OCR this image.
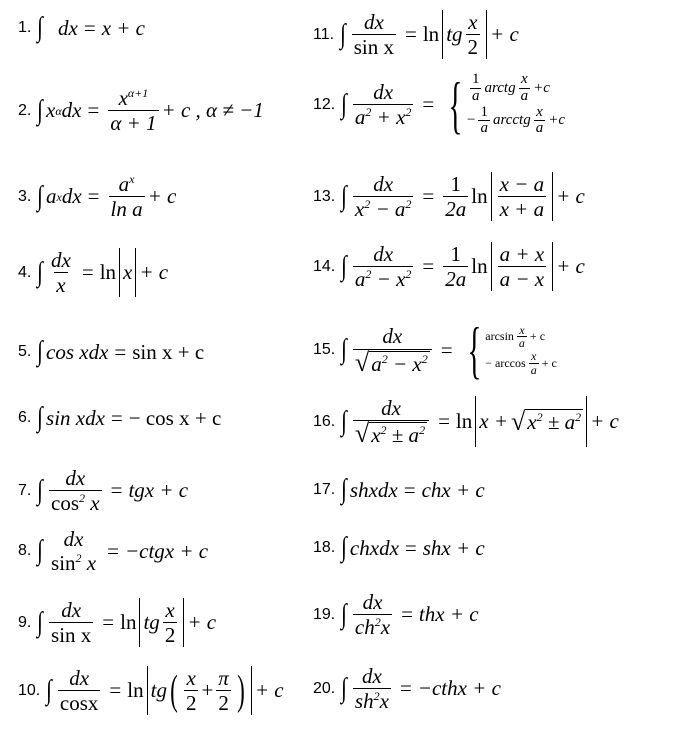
1. ∫ dx = x + c
2. ∫ x α dx = $\frac{x^{\alpha+1}}{\alpha + 1} + c$ , α ≠ −1
3. ∫ a x dx = $\frac{a^x}{\text{ln a}} + c$
4. ∫ $\frac{dx}{x} = \ln x + c$
5. ∫ cos xdx = sin x + c
6. ∫ sin xdx = − cos x + c
7. ∫ $\frac{dx}{\cos^2 x}$ = tgx + c
8. ∫ dx
$\sin^2 x$
= −ctgx + c
9. ∫ $\frac{dx}{\text{sin x}} = \ln$ tg $\frac{x}{2} + c$
10. ∫ $\frac{dx}{\cos x} = \ln$ tg ( $\frac{x}{2} + \frac{\pi}{2}$ ) + c
11. ∫ $\frac{dx}{\text{sin x}} = \ln$ tg $\frac{x}{2} + c$
12. ∫ $\frac{dx}{a^2 + x^2}$ = { $\frac{1}{a}$ arctg $\frac{x}{a} +c$
− $\frac{1}{a}$ arcctg $\frac{x}{a} +c$
13. ∫ $\frac{dx}{x^2 - a^2} = \frac{1}{2a}$ $\ln \frac{x - a}{x + a} + c$
14. ∫ $\frac{dx}{a^2 - x^2} = \frac{1}{2a}$ $\ln \frac{a + x}{a - x} + c$
15. ∫ $\frac{dx}{√a^2 - x^2}$ = { $\arcsin \frac{x}{a} + c$
− $\arccos \frac{x}{a} + c$
16. ∫ $\frac{dx}{√x^2 \pm a^2} = \ln x$ + √ $x^2 \pm a^2 + c$
17. ∫ shxdx = chx + c
18. ∫ chxdx = shx + c
19. ∫ $\frac{dx}{ch^2x}$ = thx + c
20. ∫ $\frac{dx}{sh^2x}$ = −cthx + c
